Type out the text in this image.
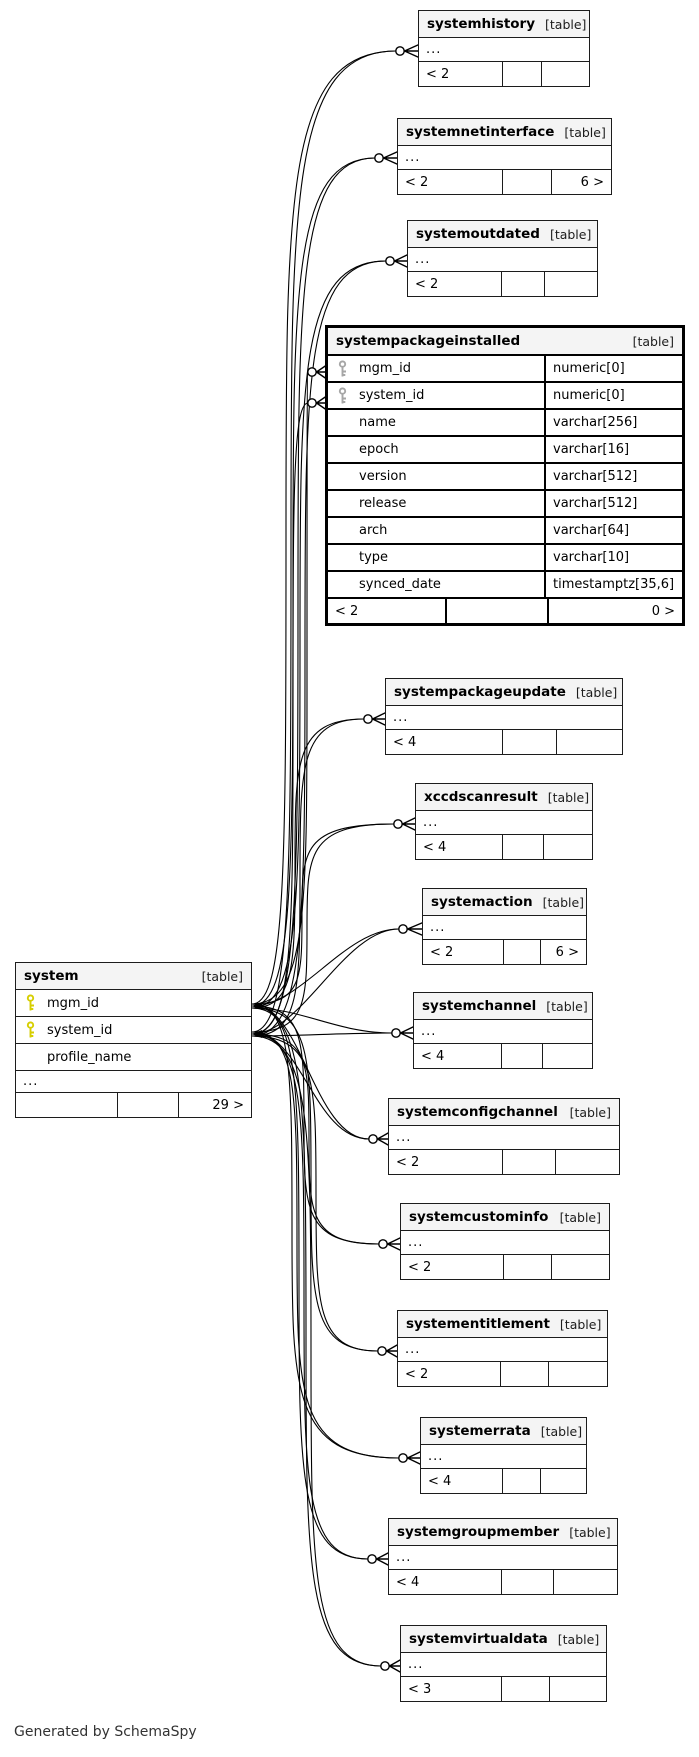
system	[table]
mgm_id
system_id
profile_name
...
29 >
systemhistory [table]
...
< 2
systemnetinterface [table]
...
< 2	6 >
systemoutdated [table]
...
< 2
systempackageinstalled	[table]
mgm_id	numeric[0]
system_id	numeric[0]
name	varchar[256]
epoch	varchar[16]
version	varchar[512]
release	varchar[512]
arch	varchar[64]
type	varchar[10]
synced_date	timestamptz[35,6]
< 2	0 >
systempackageupdate [table]
...
< 4
xccdscanresult [table]
...
< 4
systemaction [table]
...
< 2	6 >
systemchannel [table]
...
< 4
systemconfigchannel [table]
...
< 2
systemcustominfo [table]
...
< 2
systementitlement [table]
...
< 2
systemerrata [table]
...
< 4
systemgroupmember [table]
...
< 4
systemvirtualdata [table]
...
< 3
Generated by SchemaSpy
